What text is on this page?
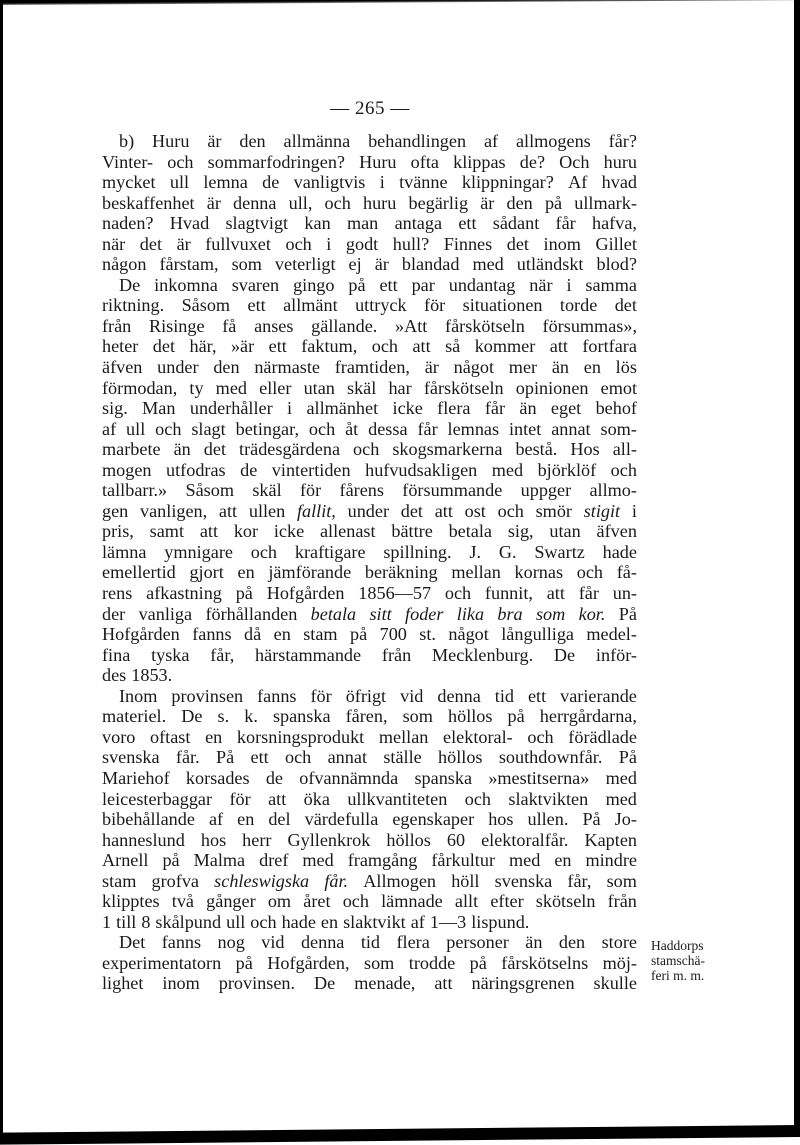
— 265 —
b) Huru är den allmänna behandlingen af allmogens får?
Vinter- och sommarfodringen? Huru ofta klippas de? Och huru
mycket ull lemna de vanligtvis i tvänne klippningar? Af hvad
beskaffenhet är denna ull, och huru begärlig är den på ullmark-
naden? Hvad slagtvigt kan man antaga ett sådant får hafva,
när det är fullvuxet och i godt hull? Finnes det inom Gillet
någon fårstam, som veterligt ej är blandad med utländskt blod?
De inkomna svaren gingo på ett par undantag när i samma
riktning. Såsom ett allmänt uttryck för situationen torde det
från Risinge få anses gällande. »Att fårskötseln försummas»,
heter det här, »är ett faktum, och att så kommer att fortfara
äfven under den närmaste framtiden, är något mer än en lös
förmodan, ty med eller utan skäl har fårskötseln opinionen emot
sig. Man underhåller i allmänhet icke flera får än eget behof
af ull och slagt betingar, och åt dessa får lemnas intet annat som-
marbete än det trädesgärdena och skogsmarkerna bestå. Hos all-
mogen utfodras de vintertiden hufvudsakligen med björklöf och
tallbarr.» Såsom skäl för fårens försummande uppger allmo-
gen vanligen, att ullen fallit, under det att ost och smör stigit i
pris, samt att kor icke allenast bättre betala sig, utan äfven
lämna ymnigare och kraftigare spillning. J. G. Swartz hade
emellertid gjort en jämförande beräkning mellan kornas och få-
rens afkastning på Hofgården 1856—57 och funnit, att får un-
der vanliga förhållanden betala sitt foder lika bra som kor. På
Hofgården fanns då en stam på 700 st. något långulliga medel-
fina tyska får, härstammande från Mecklenburg. De inför-
des 1853.
Inom provinsen fanns för öfrigt vid denna tid ett varierande
materiel. De s. k. spanska fåren, som höllos på herrgårdarna,
voro oftast en korsningsprodukt mellan elektoral- och förädlade
svenska får. På ett och annat ställe höllos southdownfår. På
Mariehof korsades de ofvannämnda spanska »mestitserna» med
leicesterbaggar för att öka ullkvantiteten och slaktvikten med
bibehållande af en del värdefulla egenskaper hos ullen. På Jo-
hanneslund hos herr Gyllenkrok höllos 60 elektoralfår. Kapten
Arnell på Malma dref med framgång fårkultur med en mindre
stam grofva schleswigska får. Allmogen höll svenska får, som
klipptes två gånger om året och lämnade allt efter skötseln från
1 till 8 skålpund ull och hade en slaktvikt af 1—3 lispund.
Det fanns nog vid denna tid flera personer än den store
experimentatorn på Hofgården, som trodde på fårskötselns möj-
lighet inom provinsen. De menade, att näringsgrenen skulle
Haddorps
stamschä-
feri m. m.
